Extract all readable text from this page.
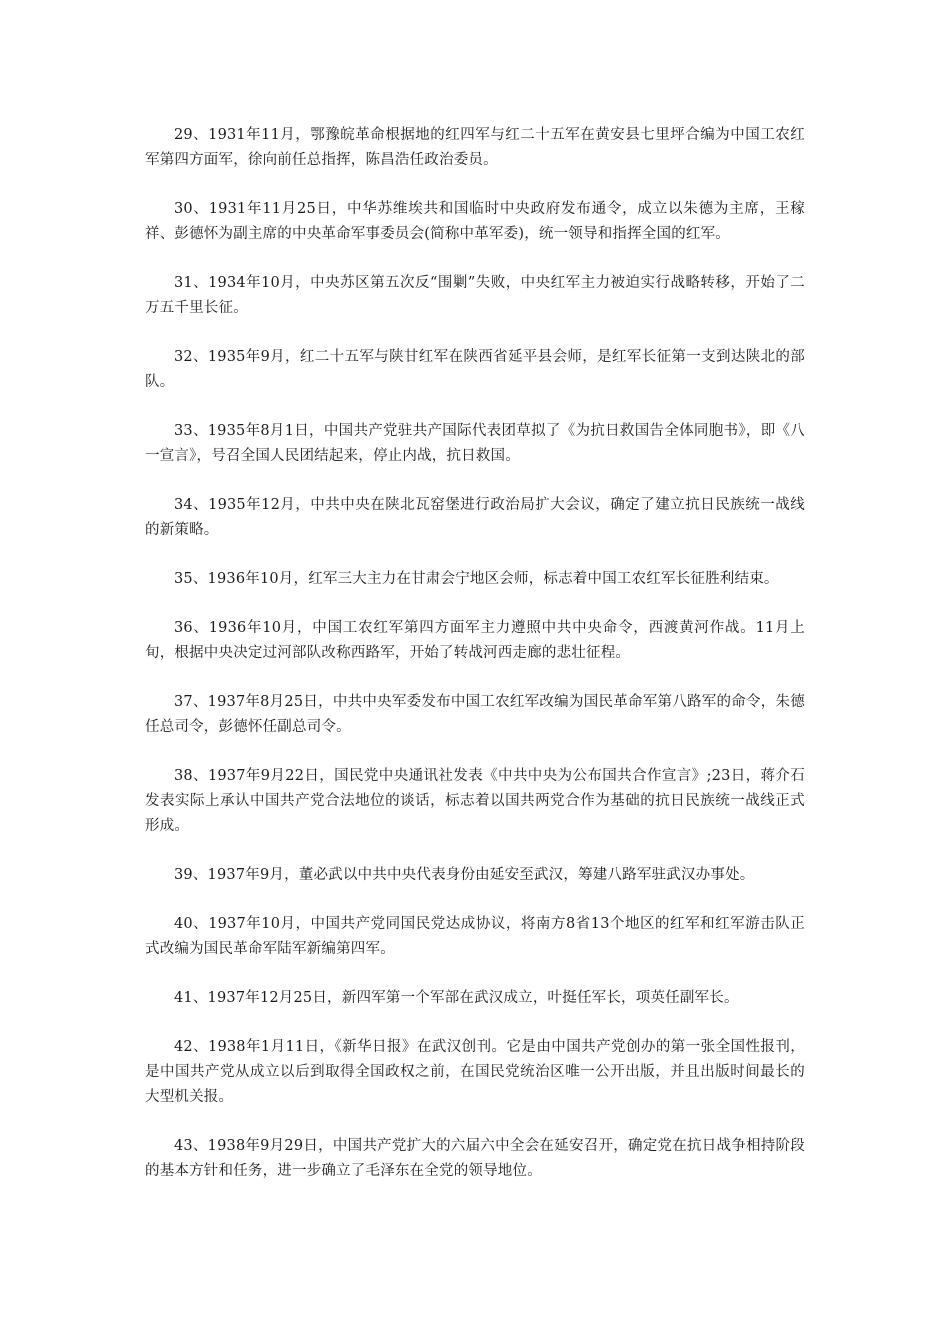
29、1931年11月，鄂豫皖革命根据地的红四军与红二十五军在黄安县七里坪合编为中国工农红军第四方面军，徐向前任总指挥，陈昌浩任政治委员。

30、1931年11月25日，中华苏维埃共和国临时中央政府发布通令，成立以朱德为主席，王稼祥、彭德怀为副主席的中央革命军事委员会(简称中革军委)，统一领导和指挥全国的红军。

31、1934年10月，中央苏区第五次反“围剿”失败，中央红军主力被迫实行战略转移，开始了二万五千里长征。

32、1935年9月，红二十五军与陕甘红军在陕西省延平县会师，是红军长征第一支到达陕北的部队。

33、1935年8月1日，中国共产党驻共产国际代表团草拟了《为抗日救国告全体同胞书》，即《八一宣言》，号召全国人民团结起来，停止内战，抗日救国。

34、1935年12月，中共中央在陕北瓦窑堡进行政治局扩大会议，确定了建立抗日民族统一战线的新策略。

35、1936年10月，红军三大主力在甘肃会宁地区会师，标志着中国工农红军长征胜利结束。

36、1936年10月，中国工农红军第四方面军主力遵照中共中央命令，西渡黄河作战。11月上旬，根据中央决定过河部队改称西路军，开始了转战河西走廊的悲壮征程。

37、1937年8月25日，中共中央军委发布中国工农红军改编为国民革命军第八路军的命令，朱德任总司令，彭德怀任副总司令。

38、1937年9月22日，国民党中央通讯社发表《中共中央为公布国共合作宣言》;23日，蒋介石发表实际上承认中国共产党合法地位的谈话，标志着以国共两党合作为基础的抗日民族统一战线正式形成。

39、1937年9月，董必武以中共中央代表身份由延安至武汉，筹建八路军驻武汉办事处。

40、1937年10月，中国共产党同国民党达成协议，将南方8省13个地区的红军和红军游击队正式改编为国民革命军陆军新编第四军。

41、1937年12月25日，新四军第一个军部在武汉成立，叶挺任军长，项英任副军长。

42、1938年1月11日，《新华日报》在武汉创刊。它是由中国共产党创办的第一张全国性报刊，是中国共产党从成立以后到取得全国政权之前，在国民党统治区唯一公开出版，并且出版时间最长的大型机关报。

43、1938年9月29日，中国共产党扩大的六届六中全会在延安召开，确定党在抗日战争相持阶段的基本方针和任务，进一步确立了毛泽东在全党的领导地位。
